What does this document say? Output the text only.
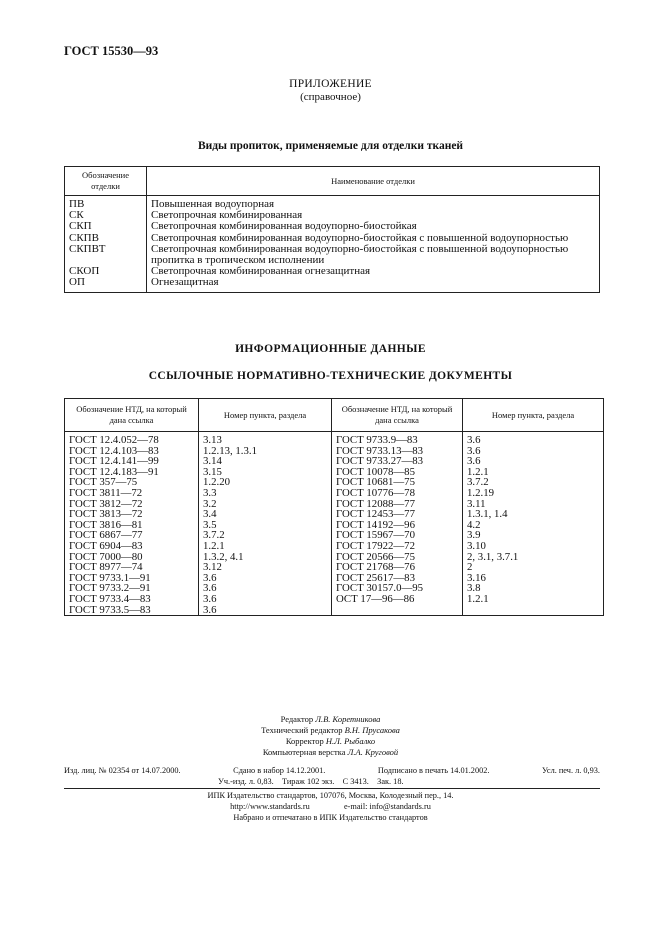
ГОСТ 15530—93
ПРИЛОЖЕНИЕ
(справочное)
Виды пропиток, применяемые для отделки тканей
Обозначение отделки	Наименование отделки
ПВ	Повышенная водоупорная
СК	Светопрочная комбинированная
СКП	Светопрочная комбинированная водоупорно-биостойкая
СКПВ	Светопрочная комбинированная водоупорно-биостойкая с повышенной водоупорностью
СКПВТ	Светопрочная комбинированная водоупорно-биостойкая с повышенной водоупорностью пропитка в тропическом исполнении
СКОП	Светопрочная комбинированная огнезащитная
ОП	Огнезащитная
ИНФОРМАЦИОННЫЕ ДАННЫЕ
ССЫЛОЧНЫЕ НОРМАТИВНО-ТЕХНИЧЕСКИЕ ДОКУМЕНТЫ
Обозначение НТД, на который дана ссылка	Номер пункта, раздела	Обозначение НТД, на который дана ссылка	Номер пункта, раздела
ГОСТ 12.4.052—78	3.13	ГОСТ 9733.9—83	3.6
ГОСТ 12.4.103—83	1.2.13, 1.3.1	ГОСТ 9733.13—83	3.6
ГОСТ 12.4.141—99	3.14	ГОСТ 9733.27—83	3.6
ГОСТ 12.4.183—91	3.15	ГОСТ 10078—85	1.2.1
ГОСТ 357—75	1.2.20	ГОСТ 10681—75	3.7.2
ГОСТ 3811—72	3.3	ГОСТ 10776—78	1.2.19
ГОСТ 3812—72	3.2	ГОСТ 12088—77	3.11
ГОСТ 3813—72	3.4	ГОСТ 12453—77	1.3.1, 1.4
ГОСТ 3816—81	3.5	ГОСТ 14192—96	4.2
ГОСТ 6867—77	3.7.2	ГОСТ 15967—70	3.9
ГОСТ 6904—83	1.2.1	ГОСТ 17922—72	3.10
ГОСТ 7000—80	1.3.2, 4.1	ГОСТ 20566—75	2, 3.1, 3.7.1
ГОСТ 8977—74	3.12	ГОСТ 21768—76	2
ГОСТ 9733.1—91	3.6	ГОСТ 25617—83	3.16
ГОСТ 9733.2—91	3.6	ГОСТ 30157.0—95	3.8
ГОСТ 9733.4—83	3.6	ОСТ 17—96—86	1.2.1
ГОСТ 9733.5—83	3.6		
Редактор Л.В. Коретникова
Технический редактор В.Н. Прусакова
Корректор Н.Л. Рыбалко
Компьютерная верстка Л.А. Круговой
Изд. лиц. № 02354 от 14.07.2000.	Сдано в набор 14.12.2001.	Подписано в печать 14.01.2002.	Усл. печ. л. 0,93.
Уч.-изд. л. 0,83.    Тираж 102 экз.    С 3413.    Зак. 18.
ИПК Издательство стандартов, 107076, Москва, Колодезный пер., 14.
http://www.standards.ru	e-mail: info@standards.ru
Набрано и отпечатано в ИПК Издательство стандартов
